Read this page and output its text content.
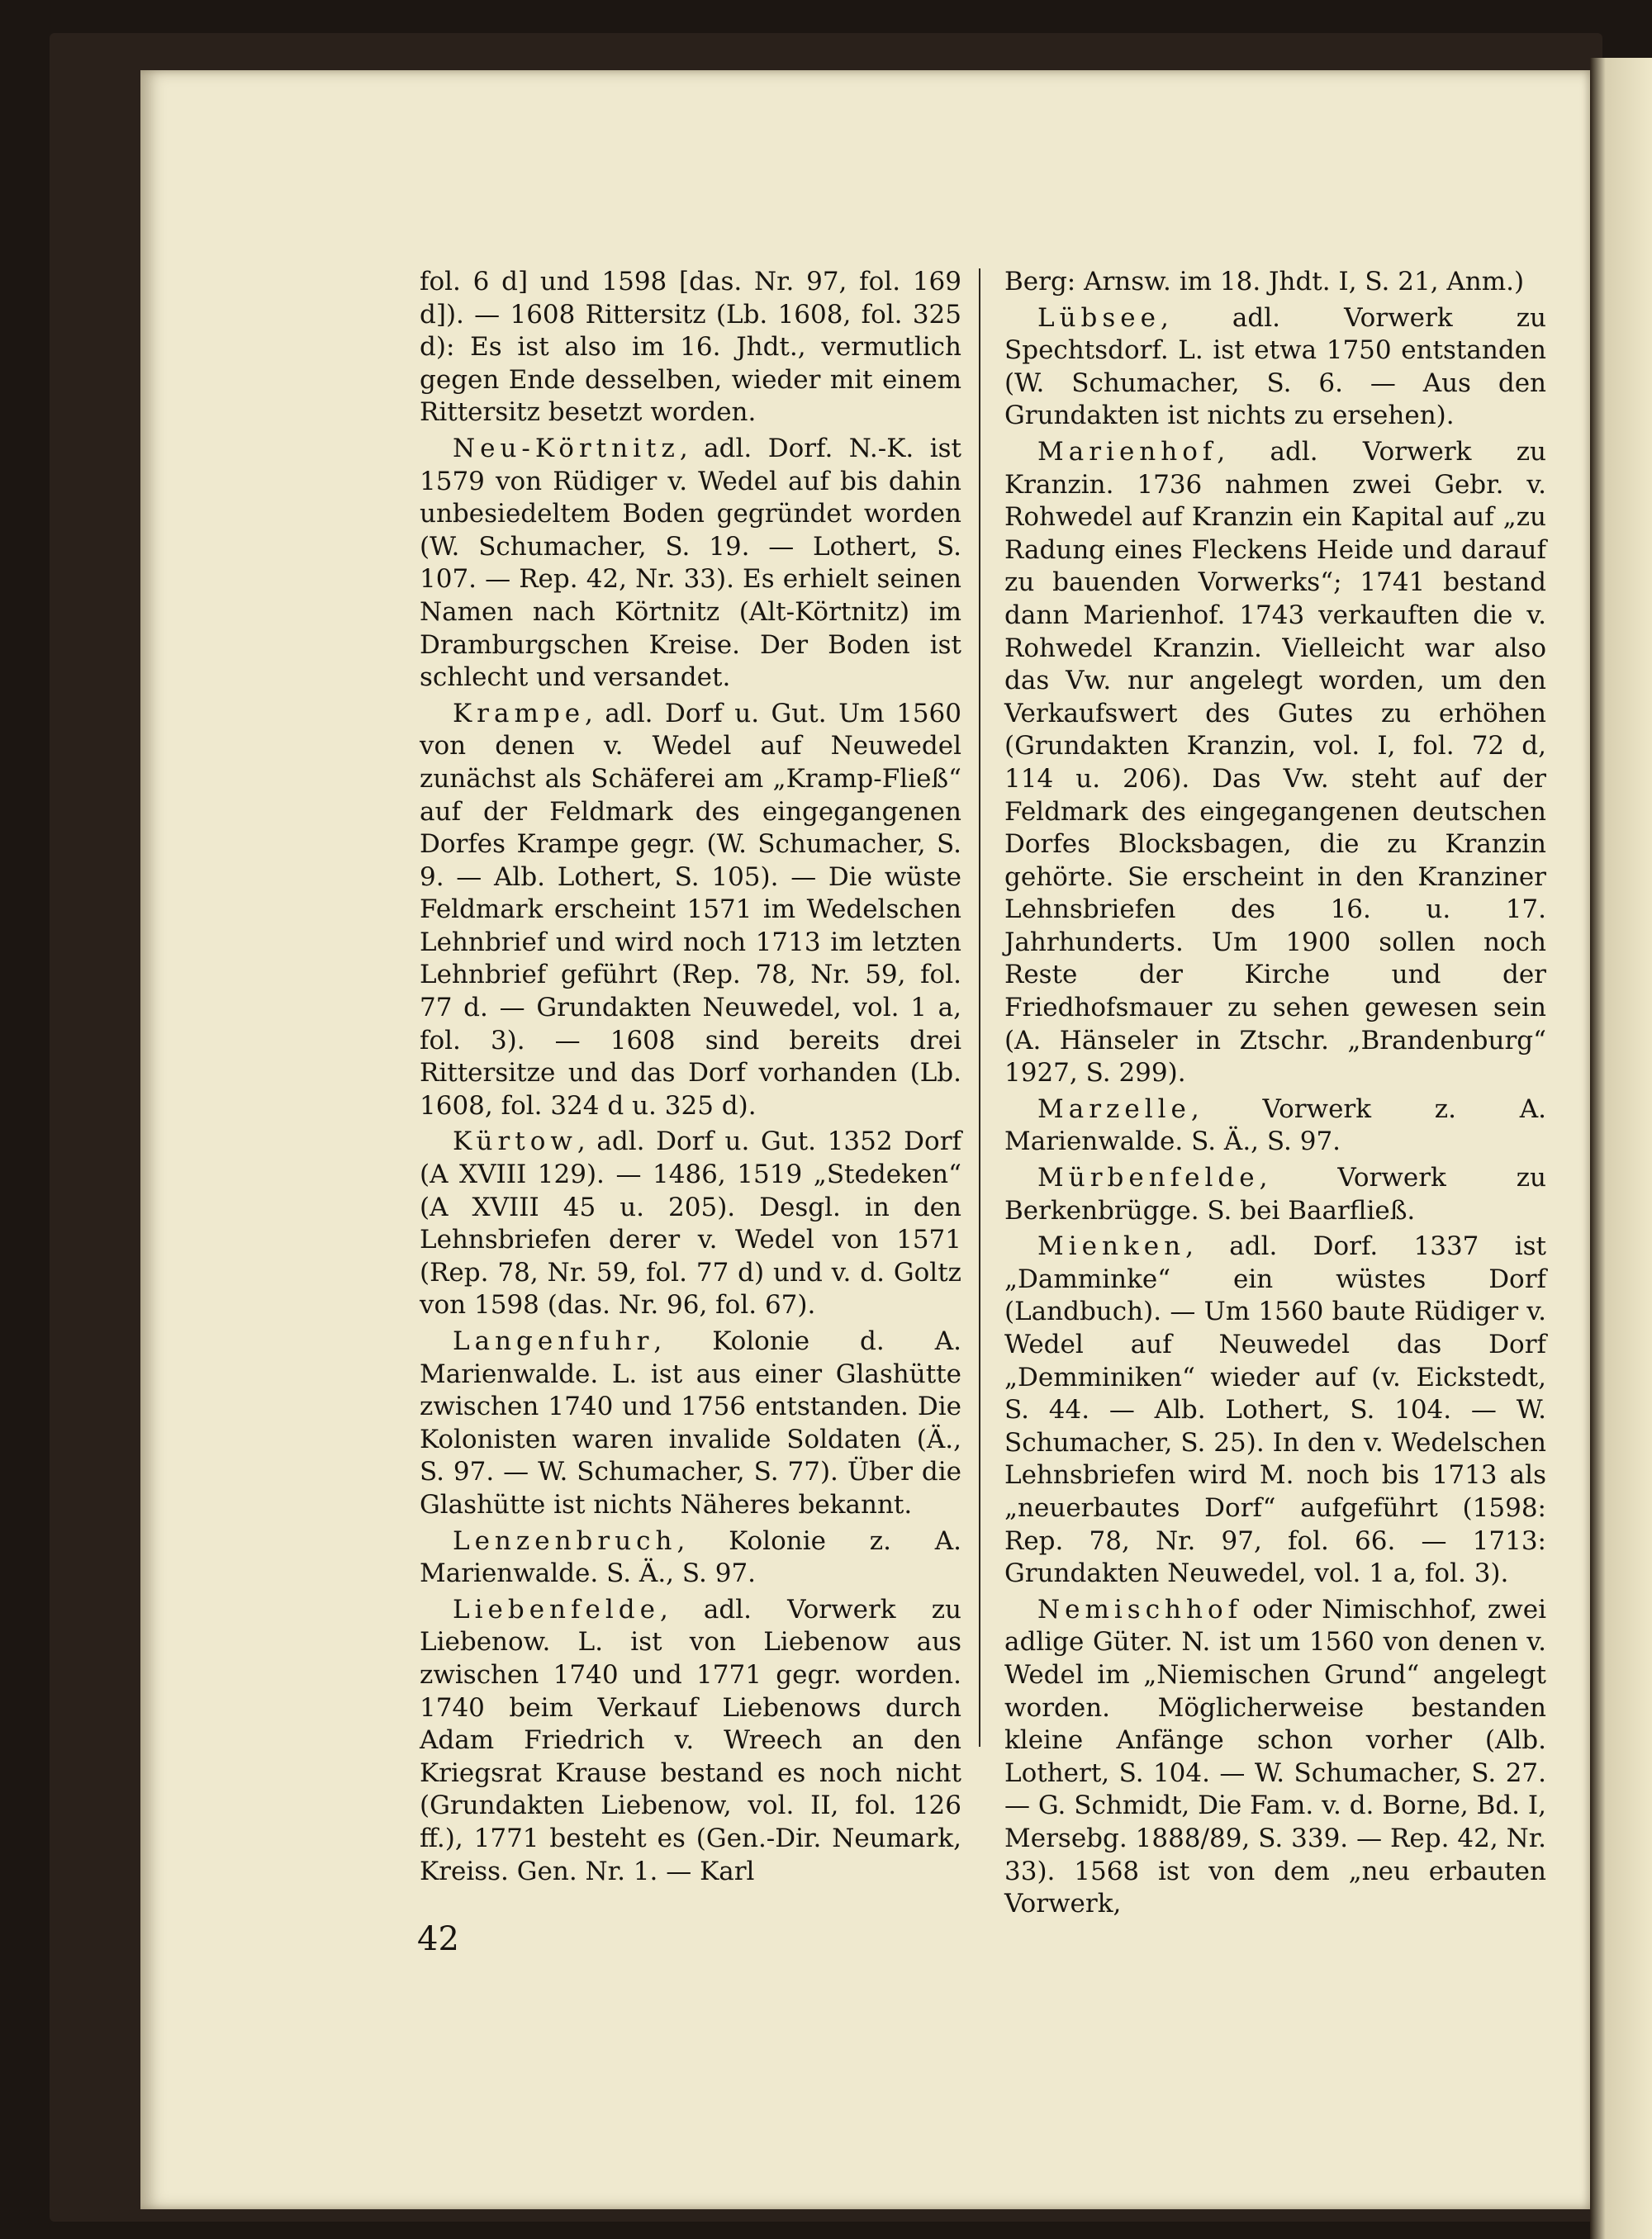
fol. 6 d] und 1598 [das. Nr. 97, fol. 169 d]). — 1608 Rittersitz (Lb. 1608, fol. 325 d): Es ist also im 16. Jhdt., vermutlich gegen Ende desselben, wieder mit einem Rittersitz besetzt worden.

Neu-Körtnitz, adl. Dorf. N.-K. ist 1579 von Rüdiger v. Wedel auf bis dahin unbesiedeltem Boden gegründet worden (W. Schumacher, S. 19. — Lothert, S. 107. — Rep. 42, Nr. 33). Es erhielt seinen Namen nach Körtnitz (Alt-Körtnitz) im Dramburgschen Kreise. Der Boden ist schlecht und versandet.

Krampe, adl. Dorf u. Gut. Um 1560 von denen v. Wedel auf Neuwedel zunächst als Schäferei am „Kramp-Fließ“ auf der Feldmark des eingegangenen Dorfes Krampe gegr. (W. Schumacher, S. 9. — Alb. Lothert, S. 105). — Die wüste Feldmark erscheint 1571 im Wedelschen Lehnbrief und wird noch 1713 im letzten Lehnbrief geführt (Rep. 78, Nr. 59, fol. 77 d. — Grundakten Neuwedel, vol. 1 a, fol. 3). — 1608 sind bereits drei Rittersitze und das Dorf vorhanden (Lb. 1608, fol. 324 d u. 325 d).

Kürtow, adl. Dorf u. Gut. 1352 Dorf (A XVIII 129). — 1486, 1519 „Stedeken“ (A XVIII 45 u. 205). Desgl. in den Lehnsbriefen derer v. Wedel von 1571 (Rep. 78, Nr. 59, fol. 77 d) und v. d. Goltz von 1598 (das. Nr. 96, fol. 67).

Langenfuhr, Kolonie d. A. Marienwalde. L. ist aus einer Glashütte zwischen 1740 und 1756 entstanden. Die Kolonisten waren invalide Soldaten (Ä., S. 97. — W. Schumacher, S. 77). Über die Glashütte ist nichts Näheres bekannt.

Lenzenbruch, Kolonie z. A. Marienwalde. S. Ä., S. 97.

Liebenfelde, adl. Vorwerk zu Liebenow. L. ist von Liebenow aus zwischen 1740 und 1771 gegr. worden. 1740 beim Verkauf Liebenows durch Adam Friedrich v. Wreech an den Kriegsrat Krause bestand es noch nicht (Grundakten Liebenow, vol. II, fol. 126 ff.), 1771 besteht es (Gen.-Dir. Neumark, Kreiss. Gen. Nr. 1. — Karl

Berg: Arnsw. im 18. Jhdt. I, S. 21, Anm.)

Lübsee, adl. Vorwerk zu Spechtsdorf. L. ist etwa 1750 entstanden (W. Schumacher, S. 6. — Aus den Grundakten ist nichts zu ersehen).

Marienhof, adl. Vorwerk zu Kranzin. 1736 nahmen zwei Gebr. v. Rohwedel auf Kranzin ein Kapital auf „zu Radung eines Fleckens Heide und darauf zu bauenden Vorwerks“; 1741 bestand dann Marienhof. 1743 verkauften die v. Rohwedel Kranzin. Vielleicht war also das Vw. nur angelegt worden, um den Verkaufswert des Gutes zu erhöhen (Grundakten Kranzin, vol. I, fol. 72 d, 114 u. 206). Das Vw. steht auf der Feldmark des eingegangenen deutschen Dorfes Blocksbagen, die zu Kranzin gehörte. Sie erscheint in den Kranziner Lehnsbriefen des 16. u. 17. Jahrhunderts. Um 1900 sollen noch Reste der Kirche und der Friedhofsmauer zu sehen gewesen sein (A. Hänseler in Ztschr. „Brandenburg“ 1927, S. 299).

Marzelle, Vorwerk z. A. Marienwalde. S. Ä., S. 97.

Mürbenfelde, Vorwerk zu Berkenbrügge. S. bei Baarfließ.

Mienken, adl. Dorf. 1337 ist „Damminke“ ein wüstes Dorf (Landbuch). — Um 1560 baute Rüdiger v. Wedel auf Neuwedel das Dorf „Demminiken“ wieder auf (v. Eickstedt, S. 44. — Alb. Lothert, S. 104. — W. Schumacher, S. 25). In den v. Wedelschen Lehnsbriefen wird M. noch bis 1713 als „neuerbautes Dorf“ aufgeführt (1598: Rep. 78, Nr. 97, fol. 66. — 1713: Grundakten Neuwedel, vol. 1 a, fol. 3).

Nemischhof oder Nimischhof, zwei adlige Güter. N. ist um 1560 von denen v. Wedel im „Niemischen Grund“ angelegt worden. Möglicherweise bestanden kleine Anfänge schon vorher (Alb. Lothert, S. 104. — W. Schumacher, S. 27. — G. Schmidt, Die Fam. v. d. Borne, Bd. I, Mersebg. 1888/89, S. 339. — Rep. 42, Nr. 33). 1568 ist von dem „neu erbauten Vorwerk,

42
